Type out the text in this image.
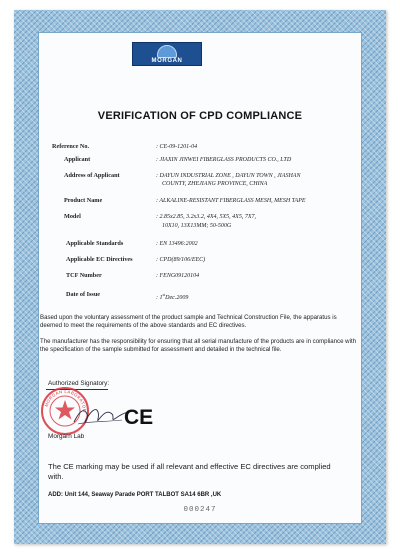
MORGAN
VERIFICATION OF CPD COMPLIANCE
Reference No.	: CE-09-1201-04
Applicant	: JIAXIN JINWEI FIBERGLASS PRODUCTS CO., LTD
Address of Applicant	: DAYUN INDUSTRIAL ZONE , DAYUN TOWN , JIASHAN
COUNTY, ZHEJIANG PROVINCE, CHINA
Product Name	: ALKALINE-RESISTANT FIBERGLASS MESH, MESH TAPE
Model	: 2.85x2.85, 3.2x3.2, 4X4, 5X5, 4X5, 7X7,
10X10, 13X13MM; 50-500G
Applicable Standards	: EN 13496:2002
Applicable EC Directives	: CPD(89/106/EEC)
TCF Number	: FENG09120104
Date of Issue	: 1stDec.2009
Based upon the voluntary assessment of the product sample and Technical Construction File, the apparatus is deemed to meet the requirements of the above standards and EC directives.
The manufacturer has the responsibility for ensuring that all serial manufacture of the products are in compliance with the specification of the sample submitted for assessment and detailed in the technical file.
Authorized Signatory:
MORGAN LABORATOR CE
Morgarn Lab
The CE marking may be used if all relevant and effective EC directives are complied with.
ADD: Unit 144, Seaway Parade PORT TALBOT SA14 6BR ,UK
000247
